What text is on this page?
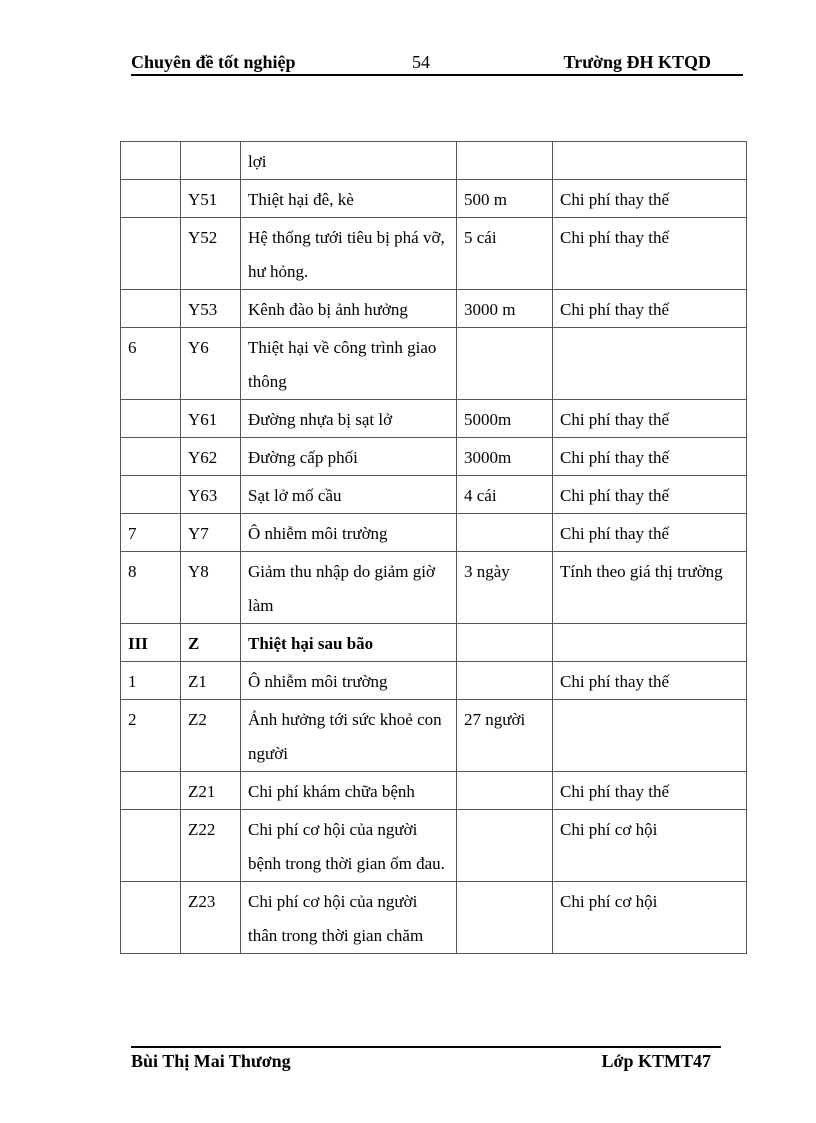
Chuyên đề tốt nghiệp	54	Trường ĐH KTQD
		lợi		
	Y51	Thiệt hại đê, kè	500 m	Chi phí thay thế
	Y52	Hệ thống tưới tiêu bị phá vỡ, hư hỏng.	5 cái	Chi phí thay thế
	Y53	Kênh đào bị ảnh hưởng	3000 m	Chi phí thay thế
6	Y6	Thiệt hại về công trình giao thông		
	Y61	Đường nhựa bị sạt lở	5000m	Chi phí thay thế
	Y62	Đường cấp phối	3000m	Chi phí thay thế
	Y63	Sạt lở mố cầu	4 cái	Chi phí thay thế
7	Y7	Ô nhiễm môi trường		Chi phí thay thế
8	Y8	Giảm thu nhập do giảm giờ làm	3 ngày	Tính theo giá thị trường
III	Z	Thiệt hại sau bão		
1	Z1	Ô nhiễm môi trường		Chi phí thay thế
2	Z2	Ảnh hưởng tới sức khoẻ con người	27 người	
	Z21	Chi phí khám chữa bệnh		Chi phí thay thế
	Z22	Chi phí cơ hội của người bệnh trong thời gian ốm đau.		Chi phí cơ hội
	Z23	Chi phí cơ hội của người thân trong thời gian chăm		Chi phí cơ hội
Bùi Thị Mai Thương	Lớp KTMT47
